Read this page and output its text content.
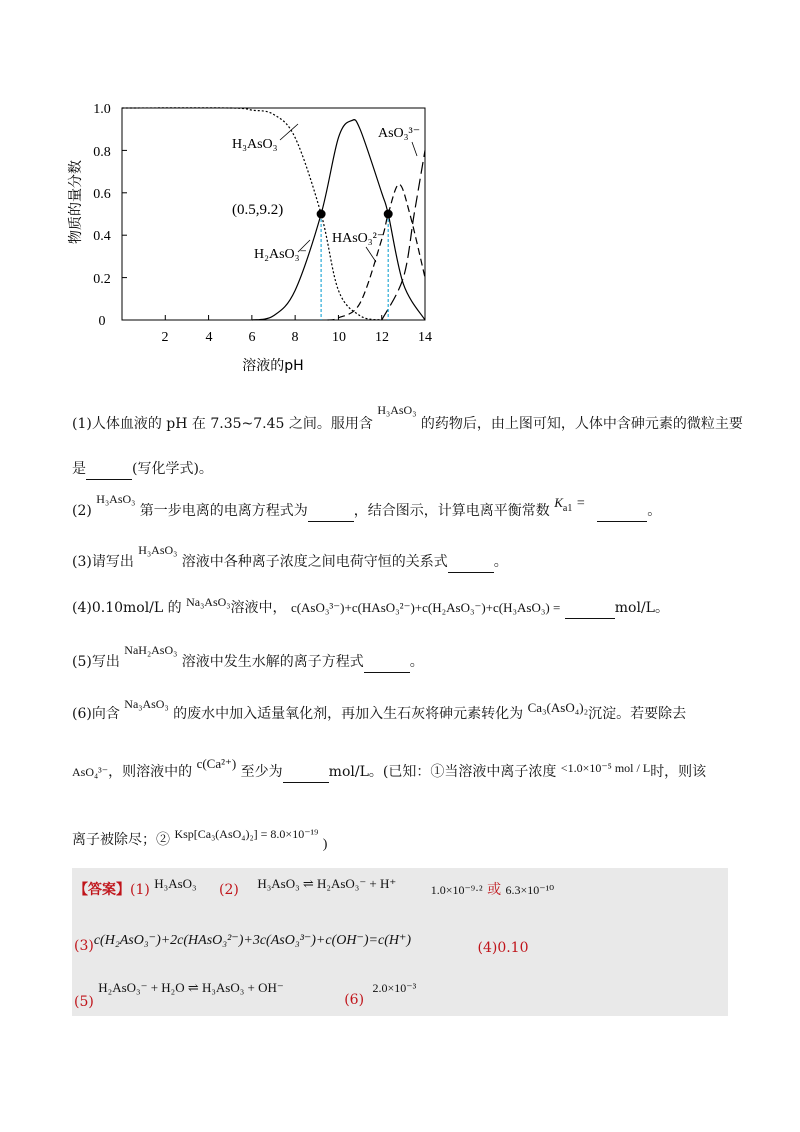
0
0.2
0.4
0.6
0.8
1.0
2	4	6	8 10 12 14
溶液的pH
物质的量分数
H₃AsO₃
AsO₃³⁻
HAsO₃²⁻
H₂AsO₃⁻
(0.5,9.2)
(1)人体血液的 pH 在 7.35~7.45 之间。服用含 H₃AsO₃ 的药物后，由上图可知，人体中含砷元素的微粒主要
是	(写化学式)。
(2) H₃AsO₃ 第一步电离的电离方程式为	，结合图示，计算电离平衡常数 $K^{a1}$ =	。
(3)请写出 H₃AsO₃ 溶液中各种离子浓度之间电荷守恒的关系式	。
(4)0.10mol/L 的 Na₃AsO₃溶液中， c(AsO₃³⁻)+c(HAsO₃²⁻)+c(H₂AsO₃⁻)+c(H₃AsO₃) =	mol/L。
(5)写出 NaH₂AsO₃ 溶液中发生水解的离子方程式	。
(6)向含 Na₃AsO₃ 的废水中加入适量氧化剂，再加入生石灰将砷元素转化为 Ca₃(AsO₄)₂沉淀。若要除去
AsO₄³⁻，则溶液中的 c(Ca²⁺) 至少为	mol/L。(已知：①当溶液中离子浓度 <1.0×10⁻⁵ mol / L时，则该
离子被除尽；② Ksp[Ca₃(AsO₄)₂] = 8.0×10⁻¹⁹ )
【答案】(1) H₃AsO₃ (2) H₃AsO₃ ⇌ H₂AsO₃⁻ + H⁺	1.0×10⁻⁹·² 或 6.3×10⁻¹⁰
(3)c(H₂AsO₃⁻)+2c(HAsO₃²⁻)+3c(AsO₃³⁻)+c(OH⁻)=c(H⁺)	(4)0.10
(5) H₂AsO₃⁻ + H₂O ⇌ H₃AsO₃ + OH⁻ (6) 2.0×10⁻³
